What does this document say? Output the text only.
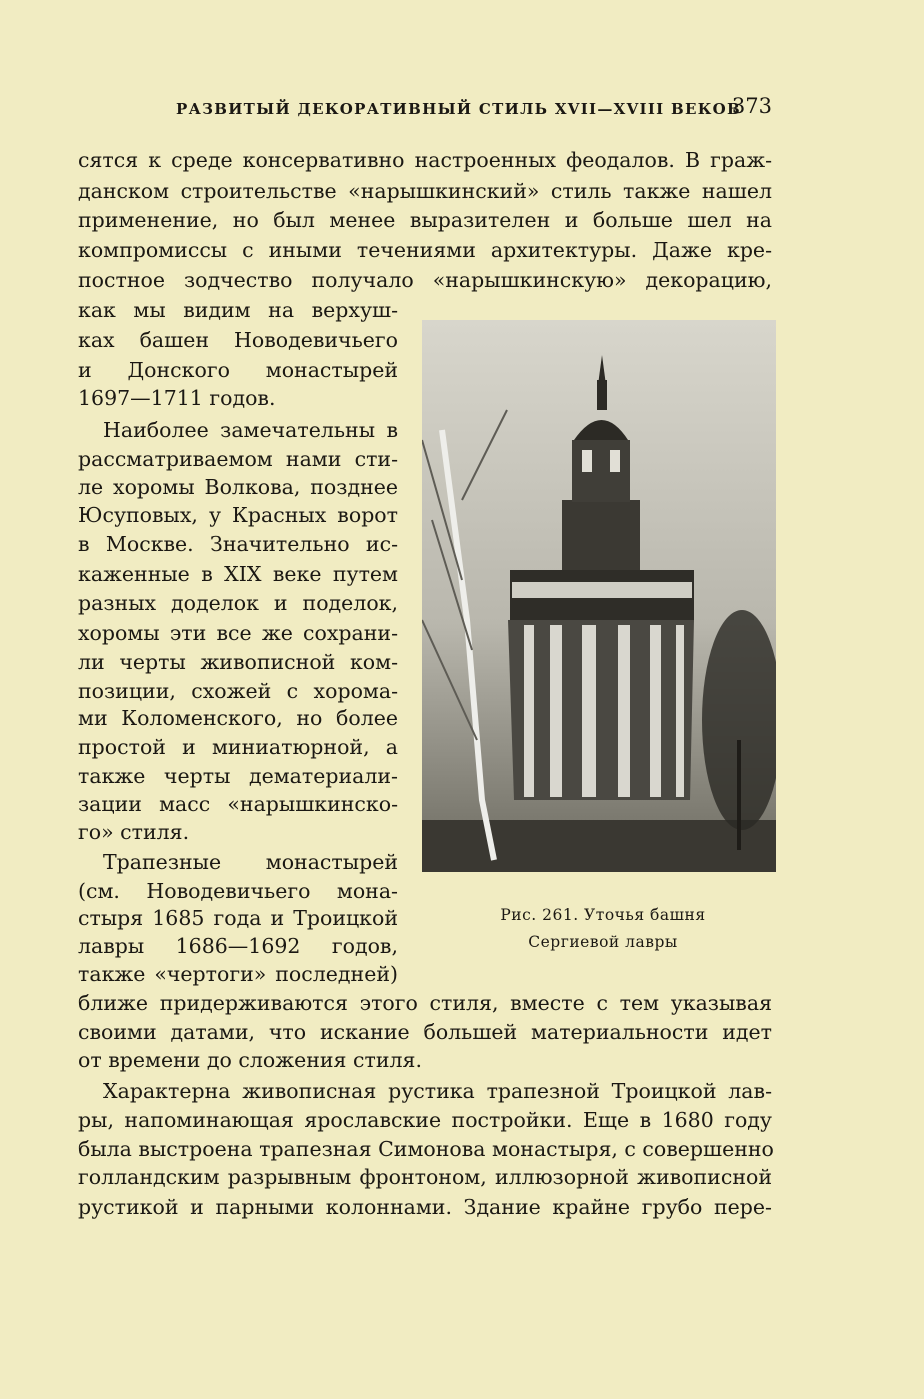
РАЗВИТЫЙ ДЕКОРАТИВНЫЙ СТИЛЬ XVII—XVIII ВЕКОВ
373
сятся к среде консервативно настроенных феодалов. В граж-
данском строительстве «нарышкинский» стиль также нашел
применение, но был менее выразителен и больше шел на
компромиссы с иными течениями архитектуры. Даже кре-
постное зодчество получало «нарышкинскую» декорацию,
как мы видим на верхуш-
ках башен Новодевичьего
и Донского монастырей
1697—1711 годов.
Наиболее замечательны в
рассматриваемом нами сти-
ле хоромы Волкова, позднее
Юсуповых, у Красных ворот
в Москве. Значительно ис-
каженные в XIX веке путем
разных доделок и поделок,
хоромы эти все же сохрани-
ли черты живописной ком-
позиции, схожей с хорома-
ми Коломенского, но более
простой и миниатюрной, а
также черты дематериали-
зации масс «нарышкинско-
го» стиля.
Трапезные монастырей
(см. Новодевичьего мона-
стыря 1685 года и Троицкой
лавры 1686—1692 годов,
также «чертоги» последней)
ближе придерживаются этого стиля, вместе с тем указывая
своими датами, что искание большей материальности идет
от времени до сложения стиля.
Характерна живописная рустика трапезной Троицкой лав-
ры, напоминающая ярославские постройки. Еще в 1680 году
была выстроена трапезная Симонова монастыря, с совершенно
голландским разрывным фронтоном, иллюзорной живописной
рустикой и парными колоннами. Здание крайне грубо пере-
Рис. 261. Уточья башня
Сергиевой лавры
